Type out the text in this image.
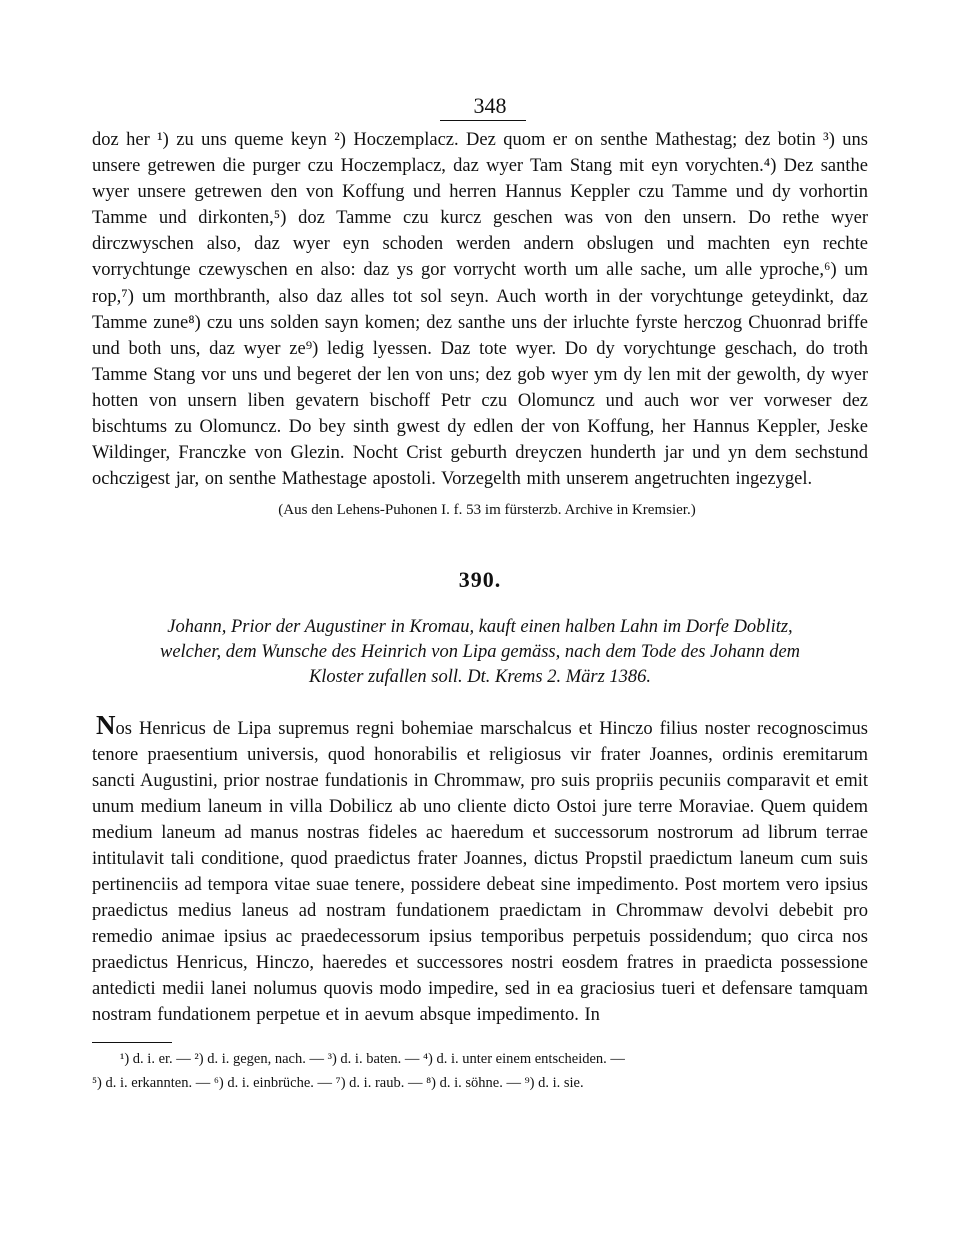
348

doz her ¹) zu uns queme keyn ²) Hoczemplacz. Dez quom er on senthe Mathestag; dez botin ³) uns unsere getrewen die purger czu Hoczemplacz, daz wyer Tam Stang mit eyn vorychten.⁴) Dez santhe wyer unsere getrewen den von Koffung und herren Hannus Keppler czu Tamme und dy vorhortin Tamme und dirkonten,⁵) doz Tamme czu kurcz geschen was von den unsern. Do rethe wyer dirczwyschen also, daz wyer eyn schoden werden andern obslugen und machten eyn rechte vorrychtunge czewyschen en also: daz ys gor vorrycht worth um alle sache, um alle yproche,⁶) um rop,⁷) um morthbranth, also daz alles tot sol seyn. Auch worth in der vorychtunge geteydinkt, daz Tamme zune⁸) czu uns solden sayn komen; dez santhe uns der irluchte fyrste herczog Chuonrad briffe und both uns, daz wyer ze⁹) ledig lyessen. Daz tote wyer. Do dy vorychtunge geschach, do troth Tamme Stang vor uns und begeret der len von uns; dez gob wyer ym dy len mit der gewolth, dy wyer hotten von unsern liben gevatern bischoff Petr czu Olomuncz und auch wor ver vorweser dez bischtums zu Olomuncz. Do bey sinth gwest dy edlen der von Koffung, her Hannus Keppler, Jeske Wildinger, Franczke von Glezin. Nocht Crist geburth dreyczen hunderth jar und yn dem sechstund ochczigest jar, on senthe Mathestage apostoli. Vorzegelth mith unserem angetruchten ingezygel.

(Aus den Lehens-Puhonen I. f. 53 im fürsterzb. Archive in Kremsier.)

390.
Johann, Prior der Augustiner in Kromau, kauft einen halben Lahn im Dorfe Doblitz,
welcher, dem Wunsche des Heinrich von Lipa gemäss, nach dem Tode des Johann dem
Kloster zufallen soll. Dt. Krems 2. März 1386.

Nos Henricus de Lipa supremus regni bohemiae marschalcus et Hinczo filius noster recognoscimus tenore praesentium universis, quod honorabilis et religiosus vir frater Joannes, ordinis eremitarum sancti Augustini, prior nostrae fundationis in Chrommaw, pro suis propriis pecuniis comparavit et emit unum medium laneum in villa Dobilicz ab uno cliente dicto Ostoi jure terre Moraviae. Quem quidem medium laneum ad manus nostras fideles ac haeredum et successorum nostrorum ad librum terrae intitulavit tali conditione, quod praedictus frater Joannes, dictus Propstil praedictum laneum cum suis pertinenciis ad tempora vitae suae tenere, possidere debeat sine impedimento. Post mortem vero ipsius praedictus medius laneus ad nostram fundationem praedictam in Chrommaw devolvi debebit pro remedio animae ipsius ac praedecessorum ipsius temporibus perpetuis possidendum; quo circa nos praedictus Henricus, Hinczo, haeredes et successores nostri eosdem fratres in praedicta possessione antedicti medii lanei nolumus quovis modo impedire, sed in ea graciosius tueri et defensare tamquam nostram fundationem perpetue et in aevum absque impedimento. In

¹) d. i. er. — ²) d. i. gegen, nach. — ³) d. i. baten. — ⁴) d. i. unter einem entscheiden. —
⁵) d. i. erkannten. — ⁶) d. i. einbrüche. — ⁷) d. i. raub. — ⁸) d. i. söhne. — ⁹) d. i. sie.
